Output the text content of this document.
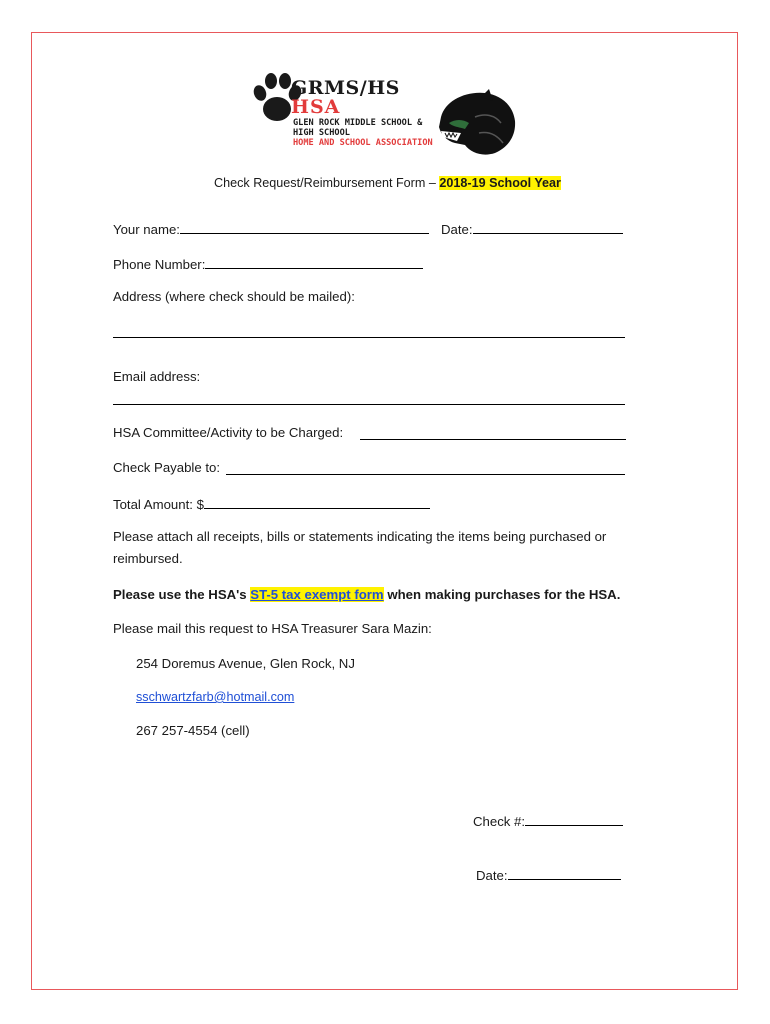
GRMS/HS
HSA
GLEN ROCK MIDDLE SCHOOL &
HIGH SCHOOL
HOME AND SCHOOL ASSOCIATION
Check Request/Reimbursement Form – 2018-19 School Year
Your name:	Date:
Phone Number:
Address (where check should be mailed):
Email address:
HSA Committee/Activity to be Charged:
Check Payable to:
Total Amount: $
Please attach all receipts, bills or statements indicating the items being purchased or
reimbursed.
Please use the HSA's ST-5 tax exempt form when making purchases for the HSA.
Please mail this request to HSA Treasurer Sara Mazin:
254 Doremus Avenue, Glen Rock, NJ
sschwartzfarb@hotmail.com
267 257-4554 (cell)
Check #:
Date:
